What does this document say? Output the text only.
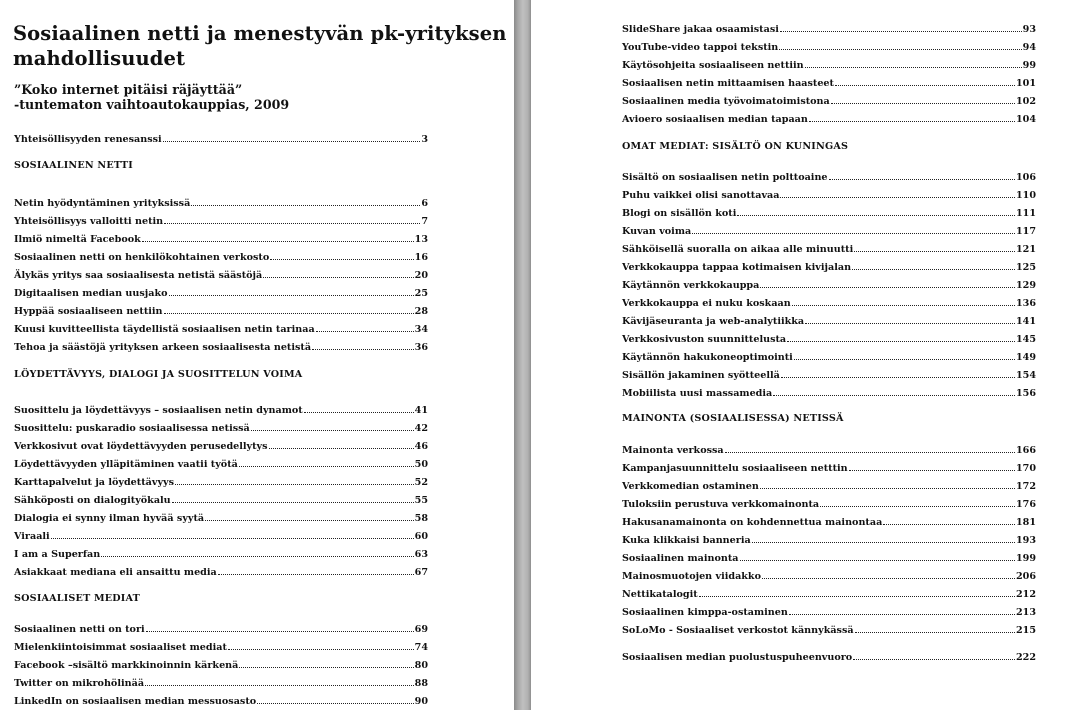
Sosiaalinen netti ja menestyvän pk-yrityksen
mahdollisuudet
”Koko internet pitäisi räjäyttää”
-tuntematon vaihtoautokauppias, 2009
Yhteisöllisyyden renesanssi	3
SOSIAALINEN NETTI
Netin hyödyntäminen yrityksissä	6
Yhteisöllisyys valloitti netin	7
Ilmiö nimeltä Facebook	13
Sosiaalinen netti on henkilökohtainen verkosto	16
Älykäs yritys saa sosiaalisesta netistä säästöjä	20
Digitaalisen median uusjako	25
Hyppää sosiaaliseen nettiin	28
Kuusi kuvitteellista täydellistä sosiaalisen netin tarinaa	34
Tehoa ja säästöjä yrityksen arkeen sosiaalisesta netistä	36
LÖYDETTÄVYYS, DIALOGI JA SUOSITTELUN VOIMA
Suosittelu ja löydettävyys – sosiaalisen netin dynamot	41
Suosittelu: puskaradio sosiaalisessa netissä	42
Verkkosivut ovat löydettävyyden perusedellytys	46
Löydettävyyden ylläpitäminen vaatii työtä	50
Karttapalvelut ja löydettävyys	52
Sähköposti on dialogityökalu	55
Dialogia ei synny ilman hyvää syytä	58
Viraali	60
I am a Superfan	63
Asiakkaat mediana eli ansaittu media	67
SOSIAALISET MEDIAT
Sosiaalinen netti on tori	69
Mielenkiintoisimmat sosiaaliset mediat	74
Facebook –sisältö markkinoinnin kärkenä	80
Twitter on mikrohölinää	88
LinkedIn on sosiaalisen median messuosasto	90
SlideShare jakaa osaamistasi	93
YouTube-video tappoi tekstin	94
Käytösohjeita sosiaaliseen nettiin	99
Sosiaalisen netin mittaamisen haasteet	101
Sosiaalinen media työvoimatoimistona	102
Avioero sosiaalisen median tapaan	104
OMAT MEDIAT: SISÄLTÖ ON KUNINGAS
Sisältö on sosiaalisen netin polttoaine	106
Puhu vaikkei olisi sanottavaa	110
Blogi on sisällön koti	111
Kuvan voima	117
Sähköisellä suoralla on aikaa alle minuutti	121
Verkkokauppa tappaa kotimaisen kivijalan	125
Käytännön verkkokauppa	129
Verkkokauppa ei nuku koskaan	136
Kävijäseuranta ja web-analytiikka	141
Verkkosivuston suunnittelusta	145
Käytännön hakukoneoptimointi	149
Sisällön jakaminen syötteellä	154
Mobiilista uusi massamedia	156
MAINONTA (SOSIAALISESSA) NETISSÄ
Mainonta verkossa	166
Kampanjasuunnittelu sosiaaliseen netttin	170
Verkkomedian ostaminen	172
Tuloksiin perustuva verkkomainonta	176
Hakusanamainonta on kohdennettua mainontaa	181
Kuka klikkaisi banneria	193
Sosiaalinen mainonta	199
Mainosmuotojen viidakko	206
Nettikatalogit	212
Sosiaalinen kimppa-ostaminen	213
SoLoMo - Sosiaaliset verkostot kännykässä	215
Sosiaalisen median puolustuspuheenvuoro	222
